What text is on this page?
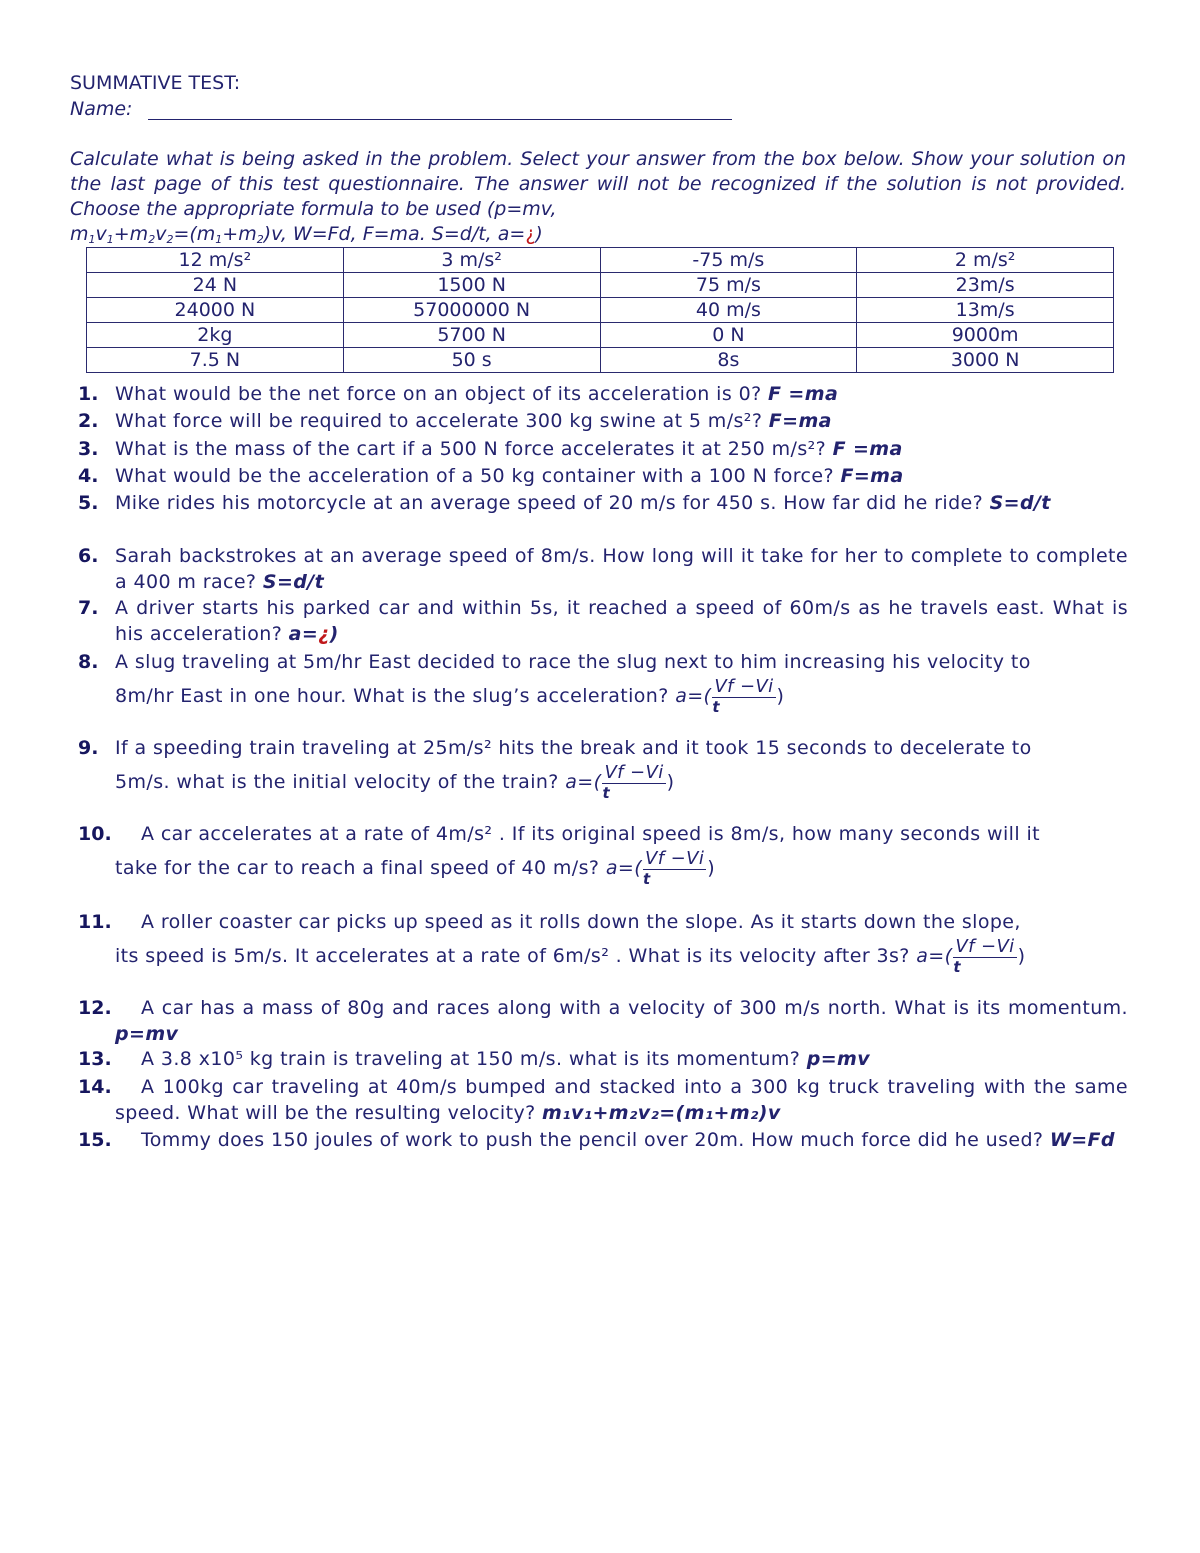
SUMMATIVE TEST:
Name:
Calculate what is being asked in the problem. Select your answer from the box below. Show your solution on the last page of this test questionnaire. The answer will not be recognized if the solution is not provided. Choose the appropriate formula to be used (p=mv,
$m_1v_1+m_2v_2=(m_1+m_2)v$, W=Fd, F=ma. S=d/t, a=¿)
12 m/s²	3 m/s²	-75 m/s	2 m/s²
24 N	1500 N	75 m/s	23m/s
24000 N	57000000 N	40 m/s	13m/s
2kg	5700 N	0 N	9000m
7.5 N	50 s	8s	3000 N
1. What would be the net force on an object of its acceleration is 0? F =ma
2. What force will be required to accelerate 300 kg swine at 5 m/s²? F=ma
3. What is the mass of the cart if a 500 N force accelerates it at 250 m/s²? F =ma
4. What would be the acceleration of a 50 kg container with a 100 N force? F=ma
5. Mike rides his motorcycle at an average speed of 20 m/s for 450 s. How far did he ride? S=d/t
6. Sarah backstrokes at an average speed of 8m/s. How long will it take for her to complete to complete a 400 m race? S=d/t
7. A driver starts his parked car and within 5s, it reached a speed of 60m/s as he travels east. What is his acceleration? a=¿)
8. A slug traveling at 5m/hr East decided to race the slug next to him increasing his velocity to
8m/hr East in one hour. What is the slug’s acceleration? $a=( \frac{Vf -Vi}{t}$ )
9. If a speeding train traveling at 25m/s² hits the break and it took 15 seconds to decelerate to
5m/s. what is the initial velocity of the train? $a=( \frac{Vf -Vi}{t}$ )
10. A car accelerates at a rate of 4m/s² . If its original speed is 8m/s, how many seconds will it
take for the car to reach a final speed of 40 m/s? $a=( \frac{Vf -Vi}{t}$ )
11. A roller coaster car picks up speed as it rolls down the slope. As it starts down the slope,
its speed is 5m/s. It accelerates at a rate of 6m/s² . What is its velocity after 3s? $a=( \frac{Vf -Vi}{t}$ )
12.	A car has a mass of 80g and races along with a velocity of 300 m/s north. What is its momentum. p=mv
13. A 3.8 x10⁵ kg train is traveling at 150 m/s. what is its momentum? p=mv
14.	A 100kg car traveling at 40m/s bumped and stacked into a 300 kg truck traveling with the same speed. What will be the resulting velocity? m₁v₁+m₂v₂=(m₁+m₂)v
15.	Tommy does 150 joules of work to push the pencil over 20m. How much force did he used? W=Fd
